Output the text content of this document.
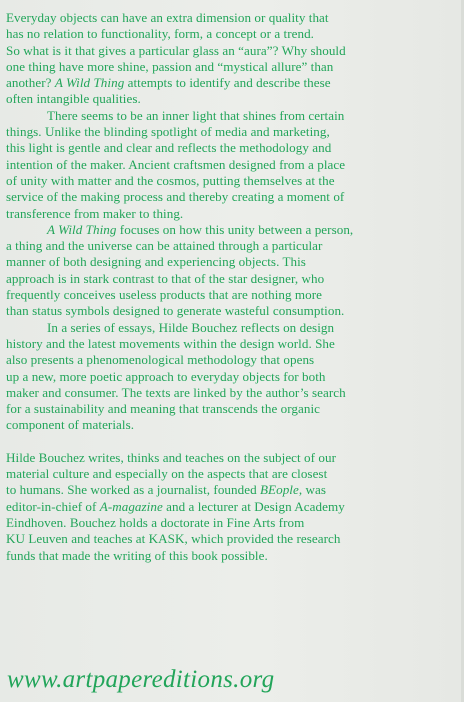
Everyday objects can have an extra dimension or quality that
has no relation to functionality, form, a concept or a trend.
So what is it that gives a particular glass an “aura”? Why should
one thing have more shine, passion and “mystical allure” than
another? A Wild Thing attempts to identify and describe these
often intangible qualities.
There seems to be an inner light that shines from certain
things. Unlike the blinding spotlight of media and marketing,
this light is gentle and clear and reflects the methodology and
intention of the maker. Ancient craftsmen designed from a place
of unity with matter and the cosmos, putting themselves at the
service of the making process and thereby creating a moment of
transference from maker to thing.
A Wild Thing focuses on how this unity between a person,
a thing and the universe can be attained through a particular
manner of both designing and experiencing objects. This
approach is in stark contrast to that of the star designer, who
frequently conceives useless products that are nothing more
than status symbols designed to generate wasteful consumption.
In a series of essays, Hilde Bouchez reflects on design
history and the latest movements within the design world. She
also presents a phenomenological methodology that opens
up a new, more poetic approach to everyday objects for both
maker and consumer. The texts are linked by the author’s search
for a sustainability and meaning that transcends the organic
component of materials.
Hilde Bouchez writes, thinks and teaches on the subject of our
material culture and especially on the aspects that are closest
to humans. She worked as a journalist, founded BEople, was
editor-in-chief of A-magazine and a lecturer at Design Academy
Eindhoven. Bouchez holds a doctorate in Fine Arts from
KU Leuven and teaches at KASK, which provided the research
funds that made the writing of this book possible.
www.artpapereditions.org
